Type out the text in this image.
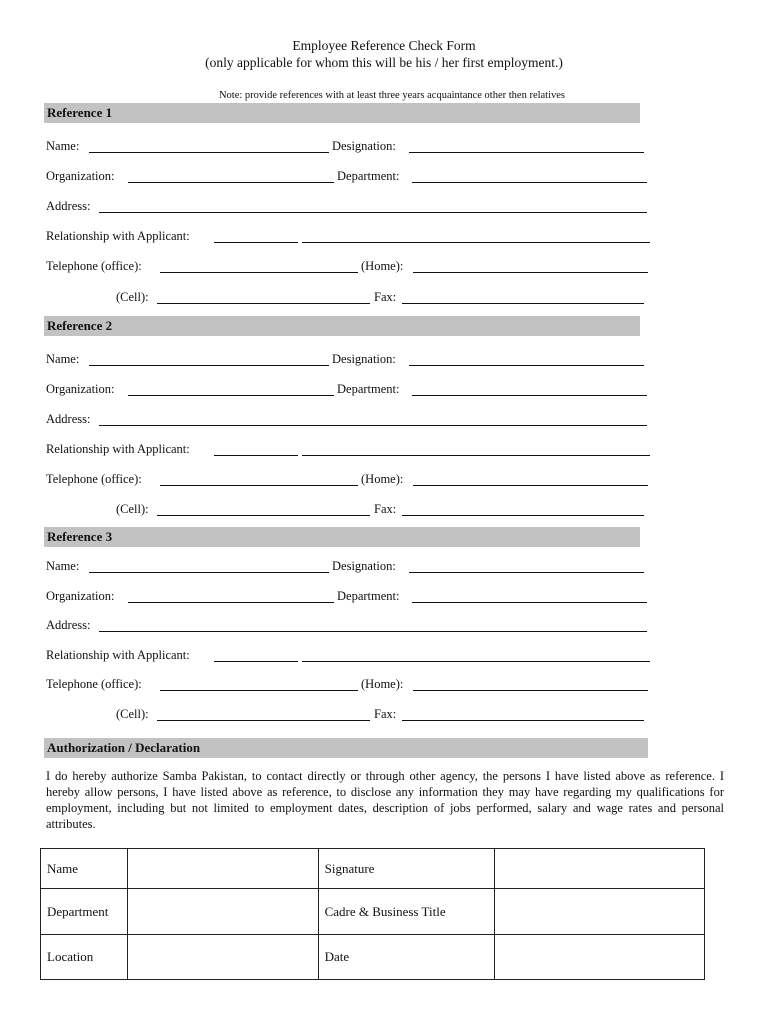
Employee Reference Check Form
(only applicable for whom this will be his / her first employment.)
Note: provide references with at least three years acquaintance other then relatives
Reference 1
Name:	Designation:
Organization:	Department:
Address:
Relationship with Applicant:
Telephone (office):	(Home):
(Cell):	Fax:
Reference 2
Name:	Designation:
Organization:	Department:
Address:
Relationship with Applicant:
Telephone (office):	(Home):
(Cell):	Fax:
Reference 3
Name:	Designation:
Organization:	Department:
Address:
Relationship with Applicant:
Telephone (office):	(Home):
(Cell):	Fax:
Authorization / Declaration
I do hereby authorize Samba Pakistan, to contact directly or through other agency, the persons I have listed above as reference. I hereby allow persons, I have listed above as reference, to disclose any information they may have regarding my qualifications for employment, including but not limited to employment dates, description of jobs performed, salary and wage rates and personal attributes.
Name		Signature	
Department		Cadre & Business Title	
Location		Date	
